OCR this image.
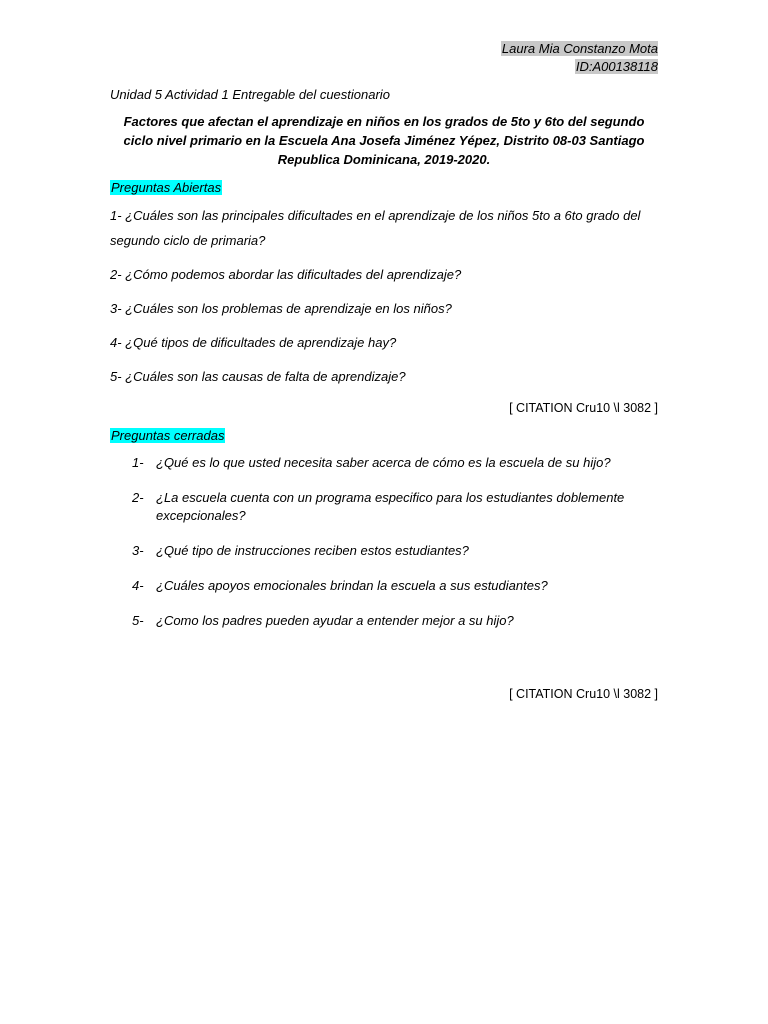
Laura Mia Constanzo Mota
ID:A00138118
Unidad 5 Actividad 1 Entregable del cuestionario
Factores que afectan el aprendizaje en niños en los grados de 5to y 6to del segundo ciclo nivel primario en la Escuela Ana Josefa Jiménez Yépez, Distrito 08-03 Santiago Republica Dominicana, 2019-2020.
Preguntas Abiertas
1- ¿Cuáles son las principales dificultades en el aprendizaje de los niños 5to a 6to grado del segundo ciclo de primaria?
2- ¿Cómo podemos abordar las dificultades del aprendizaje?
3- ¿Cuáles son los problemas de aprendizaje en los niños?
4- ¿Qué tipos de dificultades de aprendizaje hay?
5- ¿Cuáles son las causas de falta de aprendizaje?
[ CITATION Cru10 \l 3082 ]
Preguntas cerradas
1- ¿Qué es lo que usted necesita saber acerca de cómo es la escuela de su hijo?
2- ¿La escuela cuenta con un programa especifico para los estudiantes doblemente excepcionales?
3- ¿Qué tipo de instrucciones reciben estos estudiantes?
4- ¿Cuáles apoyos emocionales brindan la escuela a sus estudiantes?
5- ¿Como los padres pueden ayudar a entender mejor a su hijo?
[ CITATION Cru10 \l 3082 ]
